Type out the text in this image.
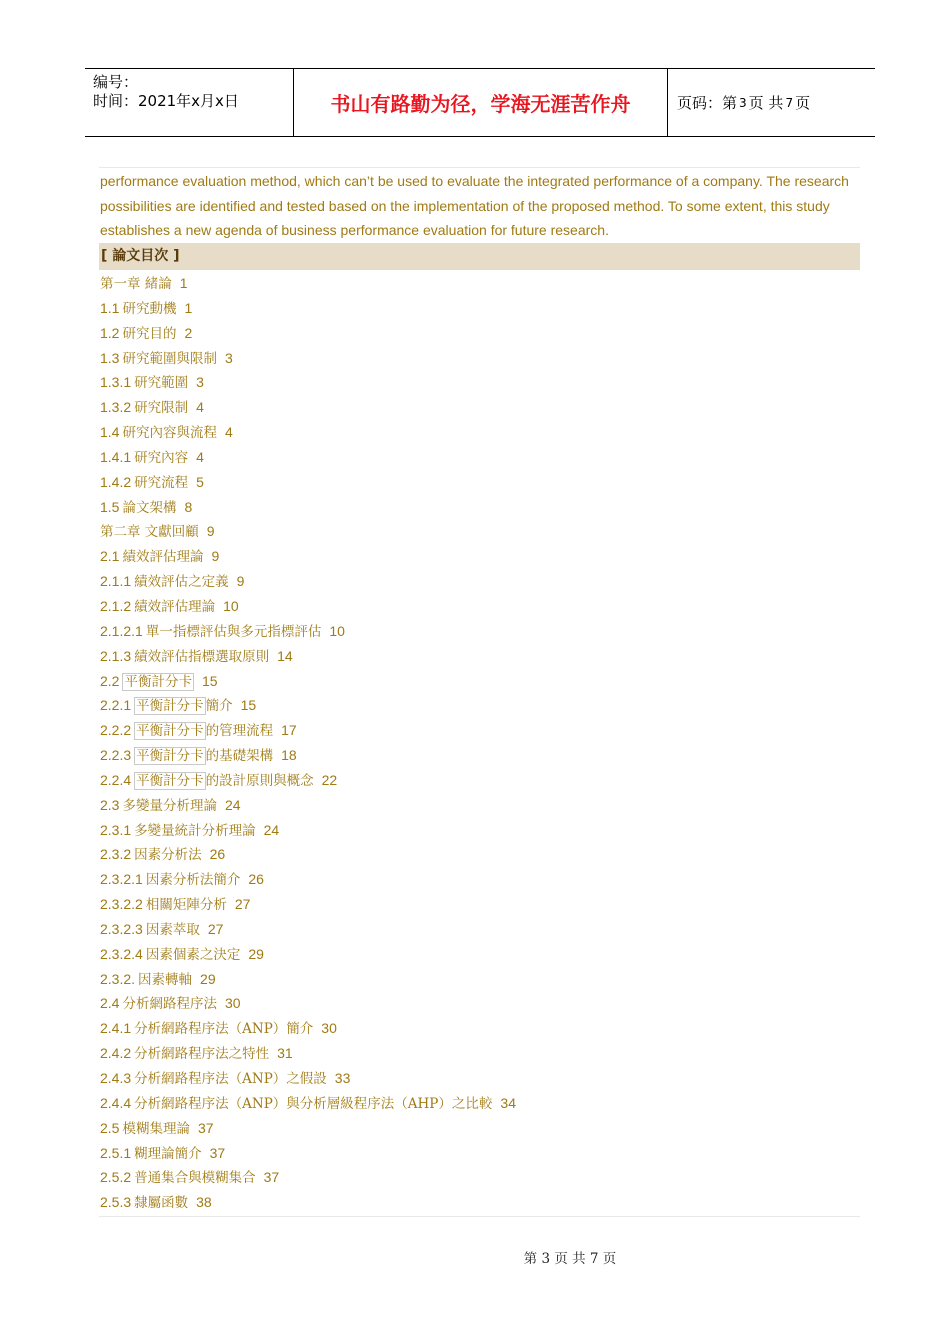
编号：
时间：2021年x月x日	书山有路勤为径，学海无涯苦作舟	页码：第 3 页 共 7 页
performance evaluation method, which can’t be used to evaluate the integrated performance of a company. The research possibilities are identified and tested based on the implementation of the proposed method. To some extent, this study establishes a new agenda of business performance evaluation for future research.
[ 論文目次 ]
第一章 緒論 1
1.1 研究動機 1
1.2 研究目的 2
1.3 研究範圍與限制 3
1.3.1 研究範圍 3
1.3.2 研究限制 4
1.4 研究內容與流程 4
1.4.1 研究內容 4
1.4.2 研究流程 5
1.5 論文架構 8
第二章 文獻回顧 9
2.1 績效評估理論 9
2.1.1 績效評估之定義 9
2.1.2 績效評估理論 10
2.1.2.1 單一指標評估與多元指標評估 10
2.1.3 績效評估指標選取原則 14
2.2 平衡計分卡 15
2.2.1 平衡計分卡 簡介 15
2.2.2 平衡計分卡 的管理流程 17
2.2.3 平衡計分卡 的基礎架構 18
2.2.4 平衡計分卡 的設計原則與概念 22
2.3 多變量分析理論 24
2.3.1 多變量統計分析理論 24
2.3.2 因素分析法 26
2.3.2.1 因素分析法簡介 26
2.3.2.2 相關矩陣分析 27
2.3.2.3 因素萃取 27
2.3.2.4 因素個素之決定 29
2.3.2. 因素轉軸 29
2.4 分析網路程序法 30
2.4.1 分析網路程序法（ANP）簡介 30
2.4.2 分析網路程序法之特性 31
2.4.3 分析網路程序法（ANP）之假設 33
2.4.4 分析網路程序法（ANP）與分析層級程序法（AHP）之比較 34
2.5 模糊集理論 37
2.5.1 糊理論簡介 37
2.5.2 普通集合與模糊集合 37
2.5.3 隸屬函數 38
第 3 页 共 7 页
